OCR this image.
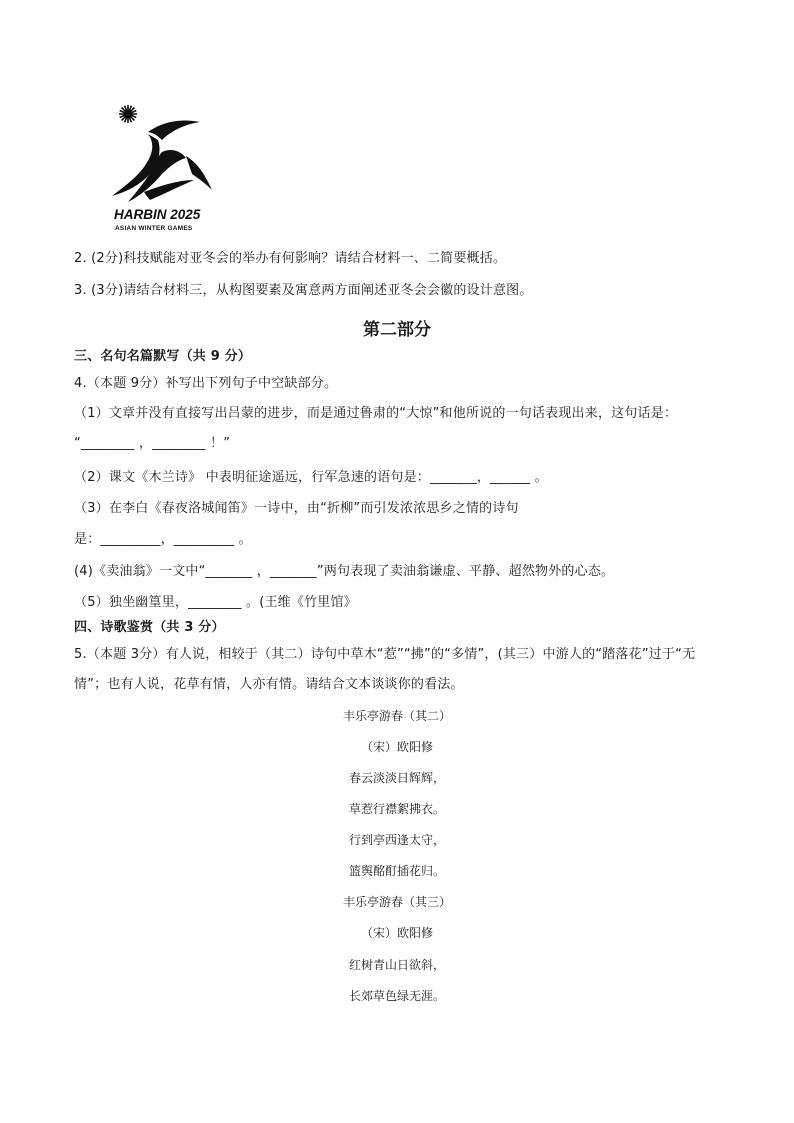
HARBIN 2025
ASIAN WINTER GAMES
2. (2分)科技赋能对亚冬会的举办有何影响？请结合材料一、二简要概括。
3. (3分)请结合材料三，从构图要素及寓意两方面阐述亚冬会会徽的设计意图。
第二部分
三、名句名篇默写（共 9 分）
4.（本题 9分）补写出下列句子中空缺部分。
（1）文章并没有直接写出吕蒙的进步，而是通过鲁肃的“大惊”和他所说的一句话表现出来，这句话是：
“________ ，________ ！”
（2）课文《木兰诗》 中表明征途遥远，行军急速的语句是：_______，______ 。
（3）在李白《春夜洛城闻笛》一诗中，由“折柳”而引发浓浓思乡之情的诗句
是：_________，_________ 。
(4)《卖油翁》一文中“_______ ，_______”两句表现了卖油翁谦虚、平静、超然物外的心态。
（5）独坐幽篁里，________ 。(王维《竹里馆》
四、诗歌鉴赏（共 3 分）
5.（本题 3分）有人说，相较于（其二）诗句中草木“惹”“拂”的“多情”，(其三）中游人的“踏落花”过于“无
情”；也有人说，花草有情，人亦有情。请结合文本谈谈你的看法。
丰乐亭游春（其二）
（宋）欧阳修
春云淡淡日辉辉，
草惹行襟絮拂衣。
行到亭西逢太守，
篮舆酩酊插花归。
丰乐亭游春（其三）
（宋）欧阳修
红树青山日欲斜，
长郊草色绿无涯。
